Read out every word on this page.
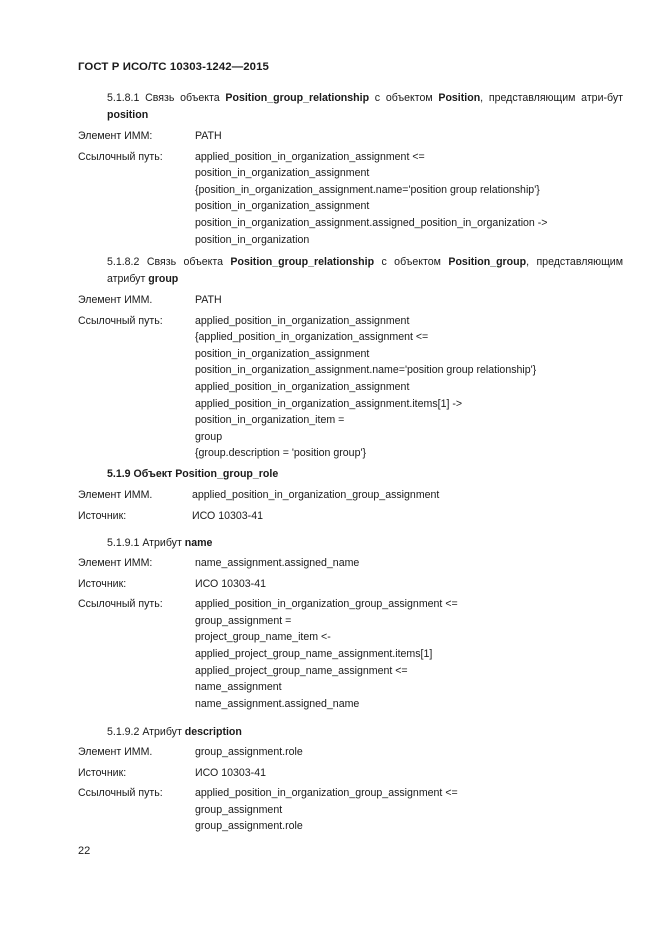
ГОСТ Р ИСО/ТС 10303-1242—2015
5.1.8.1 Связь объекта Position_group_relationship с объектом Position, представляющим атри-бут position
Элемент ИММ:	PATH
Ссылочный путь:	applied_position_in_organization_assignment <=
position_in_organization_assignment
{position_in_organization_assignment.name='position group relationship'}
position_in_organization_assignment
position_in_organization_assignment.assigned_position_in_organization ->
position_in_organization
5.1.8.2 Связь объекта Position_group_relationship с объектом Position_group, представляющим атрибут group
Элемент ИММ.	PATH
Ссылочный путь:	applied_position_in_organization_assignment
{applied_position_in_organization_assignment <=
position_in_organization_assignment
position_in_organization_assignment.name='position group relationship'}
applied_position_in_organization_assignment
applied_position_in_organization_assignment.items[1] ->
position_in_organization_item =
group
{group.description = 'position group'}
5.1.9 Объект Position_group_role
Элемент ИММ.	applied_position_in_organization_group_assignment
Источник:	ИСО 10303-41
5.1.9.1 Атрибут name
Элемент ИММ:	name_assignment.assigned_name
Источник:	ИСО 10303-41
Ссылочный путь:	applied_position_in_organization_group_assignment <=
group_assignment =
project_group_name_item <-
applied_project_group_name_assignment.items[1]
applied_project_group_name_assignment <=
name_assignment
name_assignment.assigned_name
5.1.9.2 Атрибут description
Элемент ИММ.	group_assignment.role
Источник:	ИСО 10303-41
Ссылочный путь:	applied_position_in_organization_group_assignment <=
group_assignment
group_assignment.role
22
